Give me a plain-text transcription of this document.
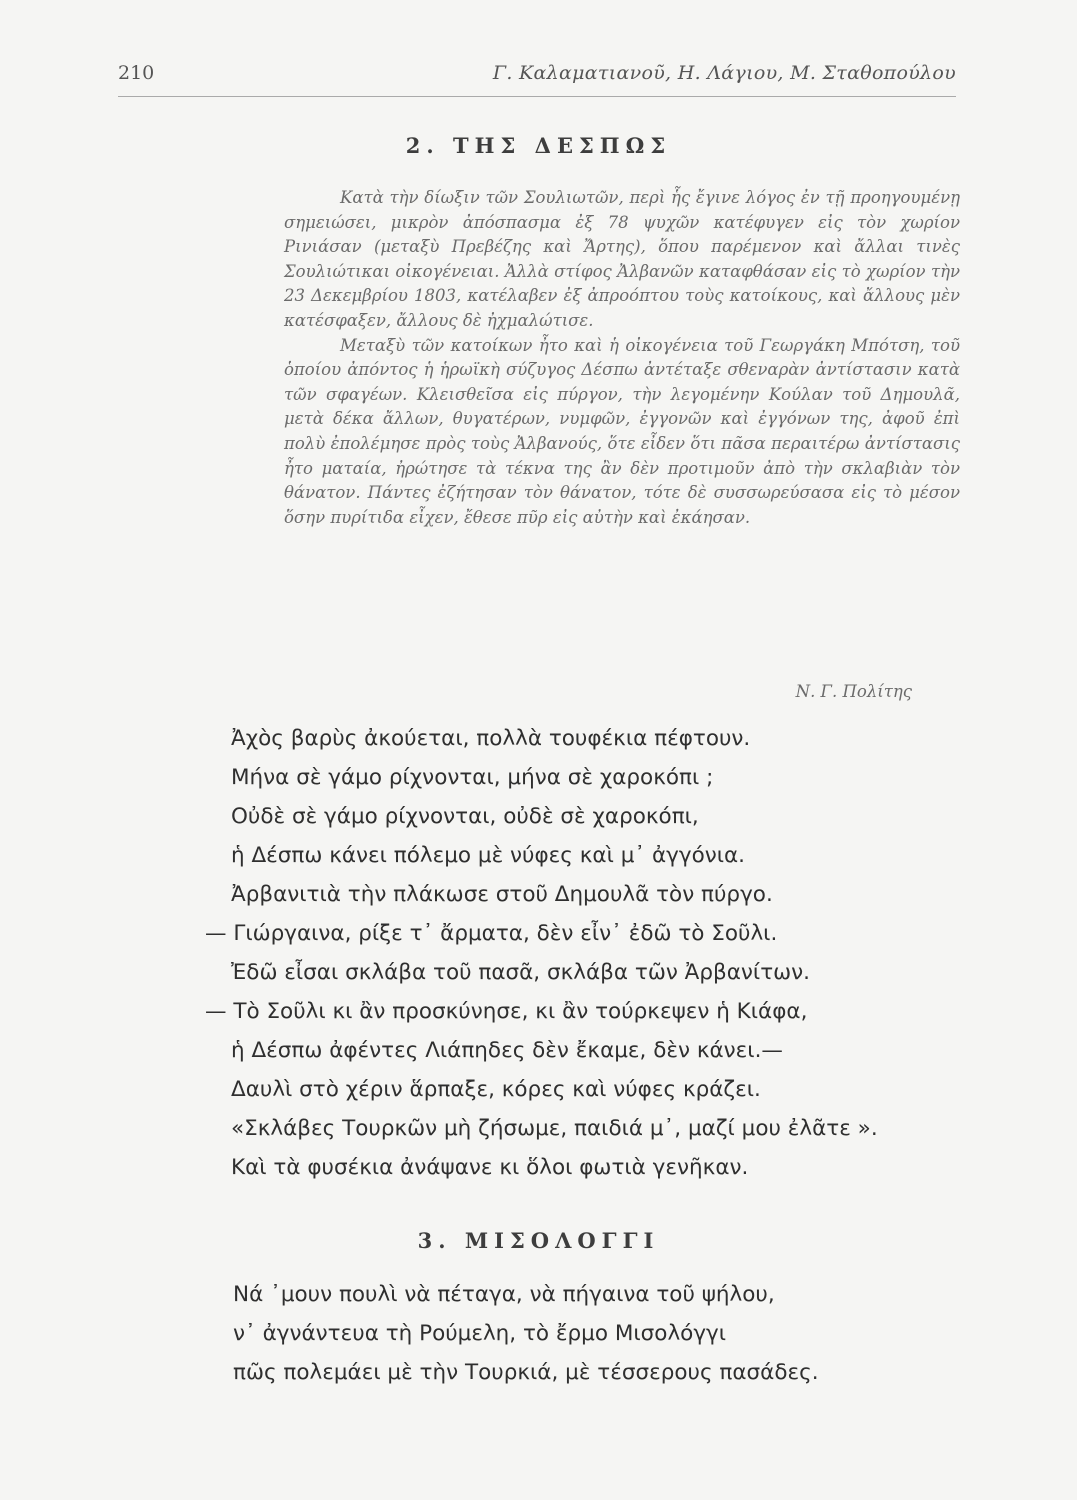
210	Γ. Καλαματιανοῦ, Η. Λάγιου, Μ. Σταθοπούλου
2. ΤΗΣ ΔΕΣΠΩΣ

Κατὰ τὴν δίωξιν τῶν Σουλιωτῶν, περὶ ἧς ἔγινε λόγος ἐν τῇ προηγουμένῃ σημειώσει, μικρὸν ἀπόσπασμα ἐξ 78 ψυχῶν κατέφυγεν εἰς τὸν χωρίον Ρινιάσαν (μεταξὺ Πρεβέζης καὶ Ἄρτης), ὅπου παρέμενον καὶ ἄλλαι τινὲς Σουλιώτικαι οἰκογένειαι. Ἀλλὰ στίφος Ἀλβανῶν καταφθάσαν εἰς τὸ χωρίον τὴν 23 Δεκεμβρίου 1803, κατέλαβεν ἐξ ἀπροόπτου τοὺς κατοίκους, καὶ ἄλλους μὲν κατέσφαξεν, ἄλλους δὲ ἠχμαλώτισε.

Μεταξὺ τῶν κατοίκων ἦτο καὶ ἡ οἰκογένεια τοῦ Γεωργάκη Μπότση, τοῦ ὁποίου ἀπόντος ἡ ἡρωϊκὴ σύζυγος Δέσπω ἀντέταξε σθεναρὰν ἀντίστασιν κατὰ τῶν σφαγέων. Κλεισθεῖσα εἰς πύργον, τὴν λεγομένην Κούλαν τοῦ Δημουλᾶ, μετὰ δέκα ἄλλων, θυγατέρων, νυμφῶν, ἐγγονῶν καὶ ἐγγόνων της, ἀφοῦ ἐπὶ πολὺ ἐπολέμησε πρὸς τοὺς Ἀλβανούς, ὅτε εἶδεν ὅτι πᾶσα περαιτέρω ἀντίστασις ἦτο ματαία, ἠρώτησε τὰ τέκνα της ἂν δὲν προτιμοῦν ἀπὸ τὴν σκλαβιὰν τὸν θάνατον. Πάντες ἐζήτησαν τὸν θάνατον, τότε δὲ συσσωρεύσασα εἰς τὸ μέσον ὅσην πυρίτιδα εἶχεν, ἔθεσε πῦρ εἰς αὐτὴν καὶ ἐκάησαν.

Ν. Γ. Πολίτης
Ἀχὸς βαρὺς ἀκούεται, πολλὰ τουφέκια πέφτουν.
Μήνα σὲ γάμο ρίχνονται, μήνα σὲ χαροκόπι ;
Οὐδὲ σὲ γάμο ρίχνονται, οὐδὲ σὲ χαροκόπι,
ἡ Δέσπω κάνει πόλεμο μὲ νύφες καὶ μ᾽ ἀγγόνια.
Ἀρβανιτιὰ τὴν πλάκωσε στοῦ Δημουλᾶ τὸν πύργο.
— Γιώργαινα, ρίξε τ᾽ ἄρματα, δὲν εἶν᾽ ἐδῶ τὸ Σοῦλι.
Ἐδῶ εἶσαι σκλάβα τοῦ πασᾶ, σκλάβα τῶν Ἀρβανίτων.
— Τὸ Σοῦλι κι ἂν προσκύνησε, κι ἂν τούρκεψεν ἡ Κιάφα,
ἡ Δέσπω ἀφέντες Λιάπηδες δὲν ἔκαμε, δὲν κάνει.—
Δαυλὶ στὸ χέριν ἅρπαξε, κόρες καὶ νύφες κράζει.
«Σκλάβες Τουρκῶν μὴ ζήσωμε, παιδιά μ᾽, μαζί μου ἐλᾶτε ».
Καὶ τὰ φυσέκια ἀνάψανε κι ὅλοι φωτιὰ γενῆκαν.
3. ΜΙΣΟΛΟΓΓΙ
Νά ᾽μουν πουλὶ νὰ πέταγα, νὰ πήγαινα τοῦ ψήλου,
ν᾽ ἀγνάντευα τὴ Ρούμελη, τὸ ἔρμο Μισολόγγι
πῶς πολεμάει μὲ τὴν Τουρκιά, μὲ τέσσερους πασάδες.
